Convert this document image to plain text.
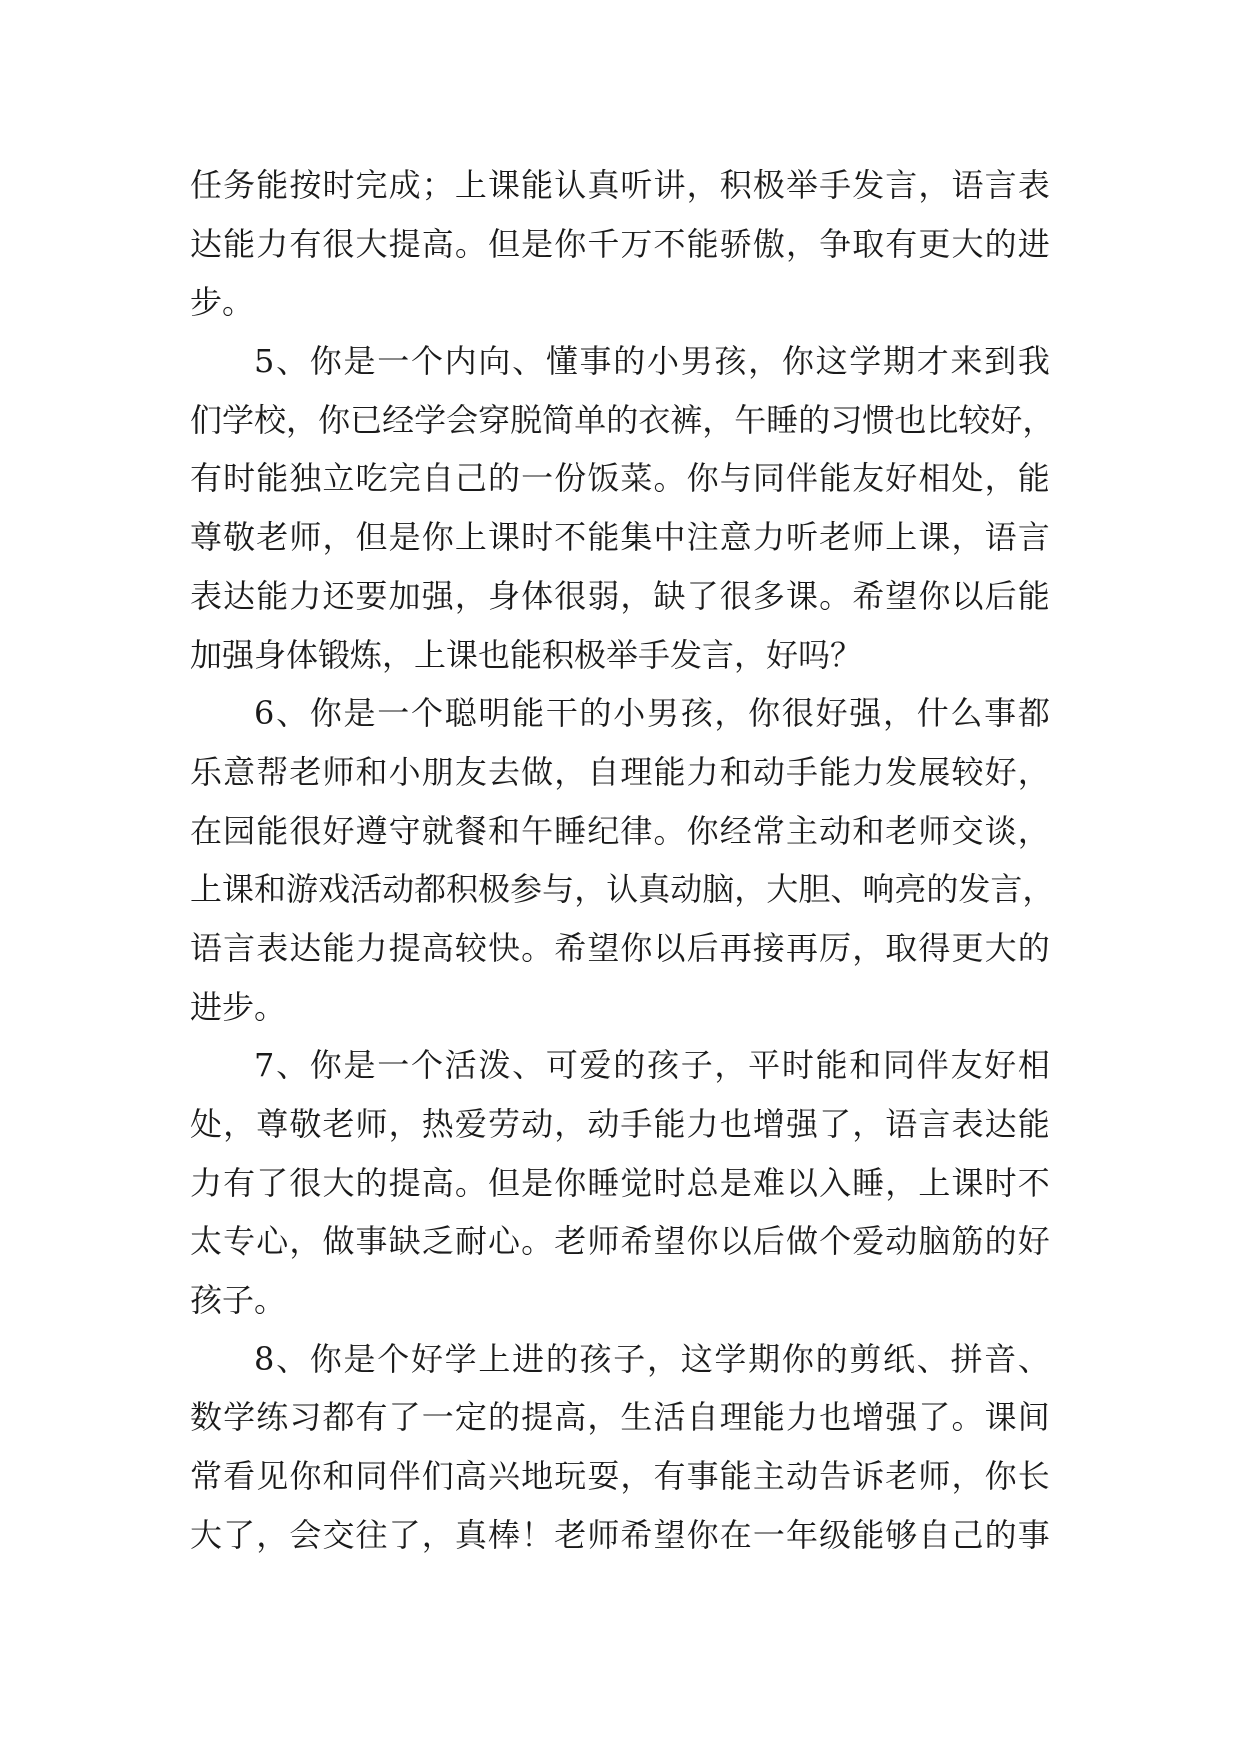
任 务 能 按 时 完 成 ； 上 课 能 认 真 听 讲 ， 积 极 举 手 发 言 ， 语 言 表
达 能 力 有 很 大 提 高 。 但 是 你 千 万 不 能 骄 傲 ， 争 取 有 更 大 的 进
步。
5 、 你 是 一 个 内 向 、 懂 事 的 小 男 孩 ， 你 这 学 期 才 来 到 我
们 学 校 ， 你 已 经 学 会 穿 脱 简 单 的 衣 裤 ， 午 睡 的 习 惯 也 比 较 好 ，
有 时 能 独 立 吃 完 自 己 的 一 份 饭 菜 。 你 与 同 伴 能 友 好 相 处 ， 能
尊 敬 老 师 ， 但 是 你 上 课 时 不 能 集 中 注 意 力 听 老 师 上 课 ， 语 言
表 达 能 力 还 要 加 强 ， 身 体 很 弱 ， 缺 了 很 多 课 。 希 望 你 以 后 能
加强身体锻炼，上课也能积极举手发言，好吗？
6 、 你 是 一 个 聪 明 能 干 的 小 男 孩 ， 你 很 好 强 ， 什 么 事 都
乐 意 帮 老 师 和 小 朋 友 去 做 ， 自 理 能 力 和 动 手 能 力 发 展 较 好 ，
在 园 能 很 好 遵 守 就 餐 和 午 睡 纪 律 。 你 经 常 主 动 和 老 师 交 谈 ，
上 课 和 游 戏 活 动 都 积 极 参 与 ， 认 真 动 脑 ， 大 胆 、 响 亮 的 发 言 ，
语 言 表 达 能 力 提 高 较 快 。 希 望 你 以 后 再 接 再 厉 ， 取 得 更 大 的
进步。
7 、 你 是 一 个 活 泼 、 可 爱 的 孩 子 ， 平 时 能 和 同 伴 友 好 相
处 ， 尊 敬 老 师 ， 热 爱 劳 动 ， 动 手 能 力 也 增 强 了 ， 语 言 表 达 能
力 有 了 很 大 的 提 高 。 但 是 你 睡 觉 时 总 是 难 以 入 睡 ， 上 课 时 不
太 专 心 ， 做 事 缺 乏 耐 心 。 老 师 希 望 你 以 后 做 个 爱 动 脑 筋 的 好
孩子。
8 、 你 是 个 好 学 上 进 的 孩 子 ， 这 学 期 你 的 剪 纸 、 拼 音 、
数 学 练 习 都 有 了 一 定 的 提 高 ， 生 活 自 理 能 力 也 增 强 了 。 课 间
常 看 见 你 和 同 伴 们 高 兴 地 玩 耍 ， 有 事 能 主 动 告 诉 老 师 ， 你 长
大 了 ， 会 交 往 了 ， 真 棒 ！ 老 师 希 望 你 在 一 年 级 能 够 自 己 的 事
